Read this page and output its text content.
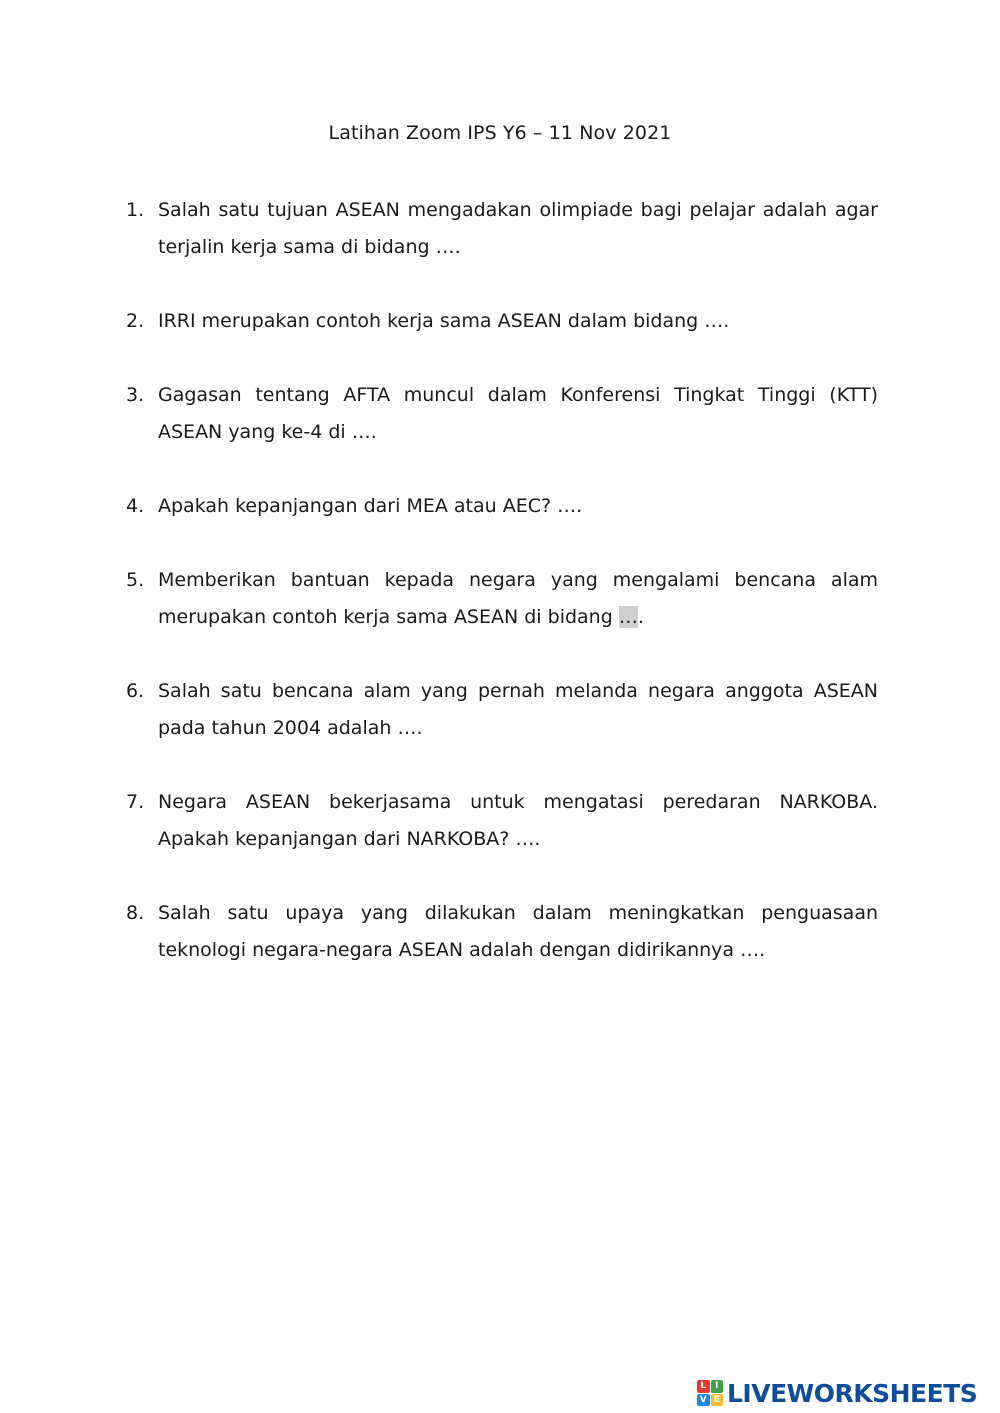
Latihan Zoom IPS Y6 – 11 Nov 2021
1. Salah satu tujuan ASEAN mengadakan olimpiade bagi pelajar adalah agar terjalin kerja sama di bidang ….
2. IRRI merupakan contoh kerja sama ASEAN dalam bidang ….
3. Gagasan tentang AFTA muncul dalam Konferensi Tingkat Tinggi (KTT) ASEAN yang ke-4 di ….
4. Apakah kepanjangan dari MEA atau AEC? ….
5. Memberikan bantuan kepada negara yang mengalami bencana alam merupakan contoh kerja sama ASEAN di bidang ….
6. Salah satu bencana alam yang pernah melanda negara anggota ASEAN pada tahun 2004 adalah ….
7. Negara ASEAN bekerjasama untuk mengatasi peredaran NARKOBA. Apakah kepanjangan dari NARKOBA? ….
8. Salah satu upaya yang dilakukan dalam meningkatkan penguasaan teknologi negara-negara ASEAN adalah dengan didirikannya ….
L I
V E LIVEWORKSHEETS
